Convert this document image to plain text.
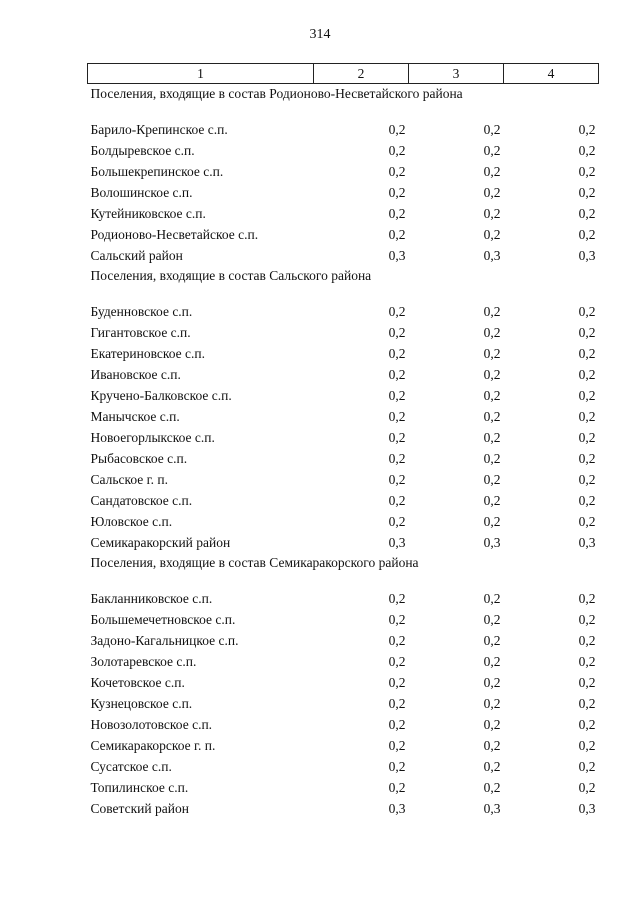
314
1	2	3	4
Поселения, входящие в состав Родионово-Несветайского района			
Барило-Крепинское с.п.	0,2	0,2	0,2
Болдыревское с.п.	0,2	0,2	0,2
Большекрепинское с.п.	0,2	0,2	0,2
Волошинское с.п.	0,2	0,2	0,2
Кутейниковское с.п.	0,2	0,2	0,2
Родионово-Несветайское с.п.	0,2	0,2	0,2
Сальский район	0,3	0,3	0,3
Поселения, входящие в состав Сальского района			
Буденновское с.п.	0,2	0,2	0,2
Гигантовское с.п.	0,2	0,2	0,2
Екатериновское с.п.	0,2	0,2	0,2
Ивановское с.п.	0,2	0,2	0,2
Кручено-Балковское с.п.	0,2	0,2	0,2
Манычское с.п.	0,2	0,2	0,2
Новоегорлыкское с.п.	0,2	0,2	0,2
Рыбасовское с.п.	0,2	0,2	0,2
Сальское г. п.	0,2	0,2	0,2
Сандатовское с.п.	0,2	0,2	0,2
Юловское с.п.	0,2	0,2	0,2
Семикаракорский район	0,3	0,3	0,3
Поселения, входящие в состав Семикаракорского района			
Бакланниковское с.п.	0,2	0,2	0,2
Большемечетновское с.п.	0,2	0,2	0,2
Задоно-Кагальницкое с.п.	0,2	0,2	0,2
Золотаревское с.п.	0,2	0,2	0,2
Кочетовское с.п.	0,2	0,2	0,2
Кузнецовское с.п.	0,2	0,2	0,2
Новозолотовское с.п.	0,2	0,2	0,2
Семикаракорское г. п.	0,2	0,2	0,2
Сусатское с.п.	0,2	0,2	0,2
Топилинское с.п.	0,2	0,2	0,2
Советский район	0,3	0,3	0,3
